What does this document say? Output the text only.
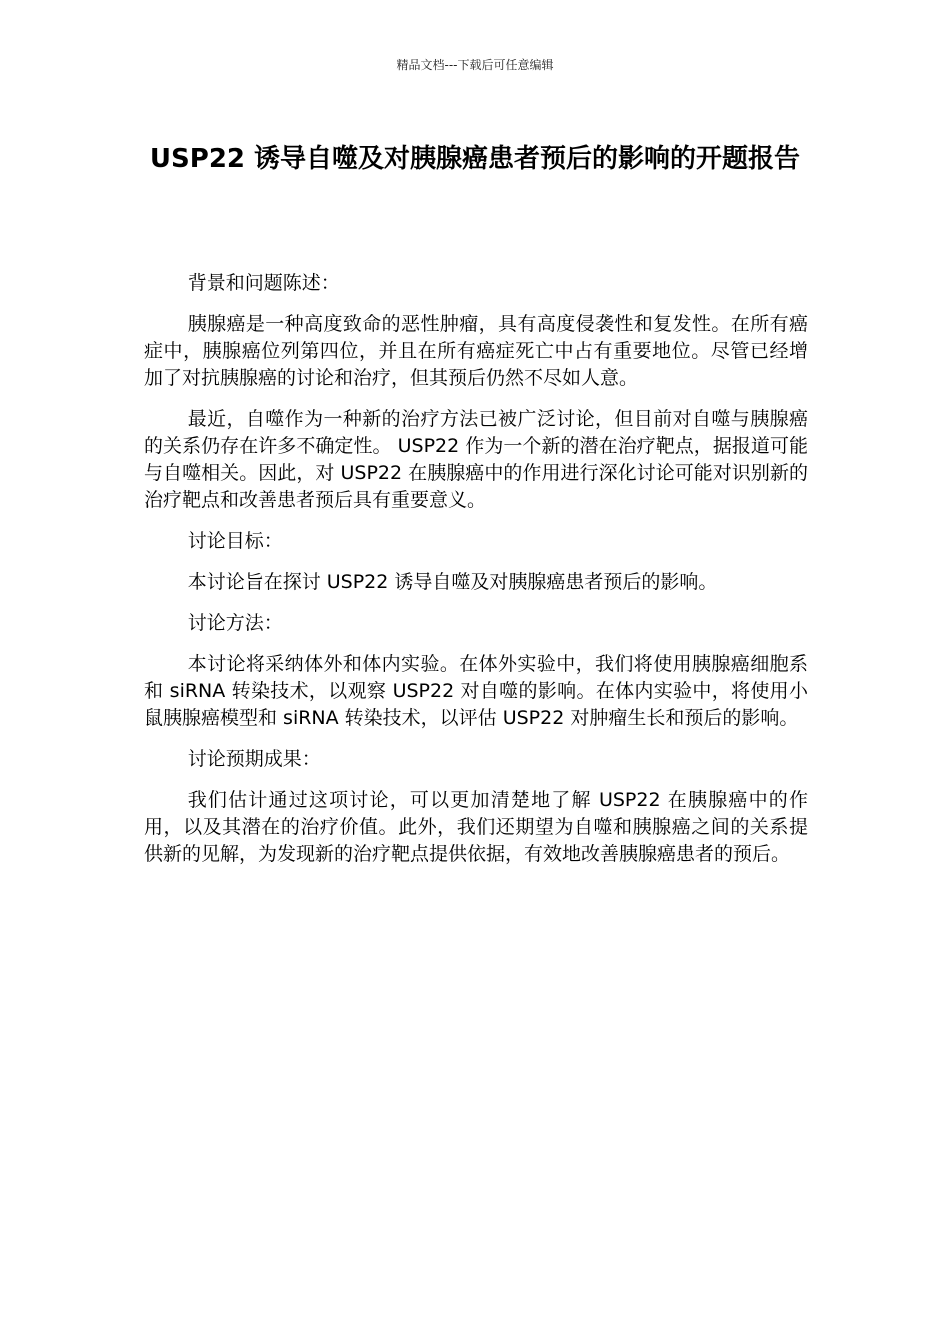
精品文档---下载后可任意编辑
USP22 诱导自噬及对胰腺癌患者预后的影响的开题报告

背景和问题陈述：

胰腺癌是一种高度致命的恶性肿瘤，具有高度侵袭性和复发性。在所有癌症中，胰腺癌位列第四位，并且在所有癌症死亡中占有重要地位。尽管已经增加了对抗胰腺癌的讨论和治疗，但其预后仍然不尽如人意。

最近，自噬作为一种新的治疗方法已被广泛讨论，但目前对自噬与胰腺癌的关系仍存在许多不确定性。 USP22 作为一个新的潜在治疗靶点，据报道可能与自噬相关。因此，对 USP22 在胰腺癌中的作用进行深化讨论可能对识别新的治疗靶点和改善患者预后具有重要意义。

讨论目标：

本讨论旨在探讨 USP22 诱导自噬及对胰腺癌患者预后的影响。

讨论方法：

本讨论将采纳体外和体内实验。在体外实验中，我们将使用胰腺癌细胞系和 siRNA 转染技术，以观察 USP22 对自噬的影响。在体内实验中，将使用小鼠胰腺癌模型和 siRNA 转染技术，以评估 USP22 对肿瘤生长和预后的影响。

讨论预期成果：

我们估计通过这项讨论，可以更加清楚地了解 USP22 在胰腺癌中的作用，以及其潜在的治疗价值。此外，我们还期望为自噬和胰腺癌之间的关系提供新的见解，为发现新的治疗靶点提供依据，有效地改善胰腺癌患者的预后。
